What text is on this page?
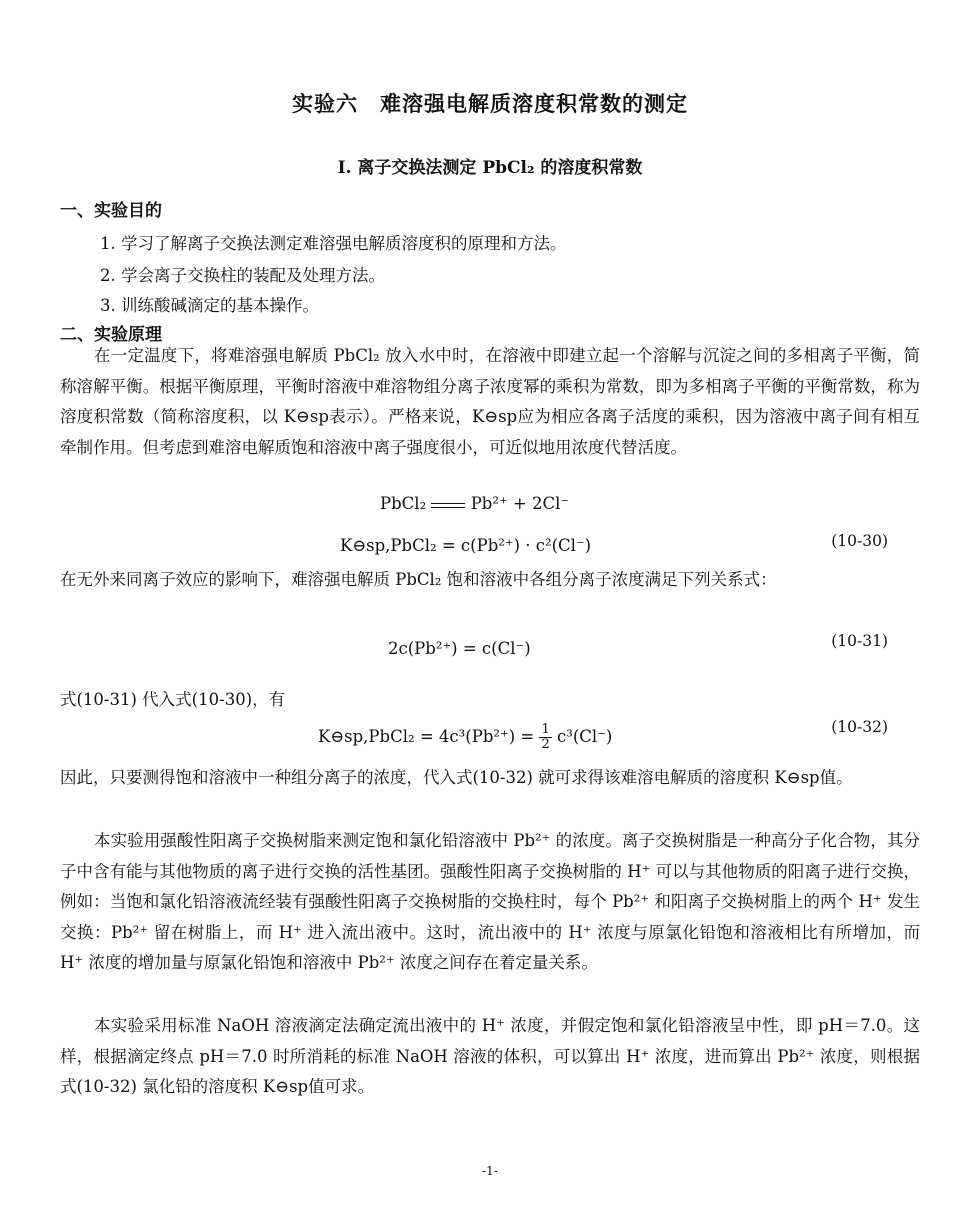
实验六　难溶强电解质溶度积常数的测定
Ⅰ. 离子交换法测定 PbCl₂ 的溶度积常数
一、实验目的
1. 学习了解离子交换法测定难溶强电解质溶度积的原理和方法。
2. 学会离子交换柱的装配及处理方法。
3. 训练酸碱滴定的基本操作。
二、实验原理

在一定温度下，将难溶强电解质 PbCl₂ 放入水中时，在溶液中即建立起一个溶解与沉淀之间的多相离子平衡，简称溶解平衡。根据平衡原理，平衡时溶液中难溶物组分离子浓度幂的乘积为常数，即为多相离子平衡的平衡常数，称为溶度积常数（简称溶度积，以 K⊖sp表示）。严格来说，K⊖sp应为相应各离子活度的乘积，因为溶液中离子间有相互牵制作用。但考虑到难溶电解质饱和溶液中离子强度很小，可近似地用浓度代替活度。

PbCl₂	Pb²⁺ + 2Cl⁻
K⊖sp,PbCl₂ = c(Pb²⁺) · c²(Cl⁻)	(10-30)

在无外来同离子效应的影响下，难溶强电解质 PbCl₂ 饱和溶液中各组分离子浓度满足下列关系式：

2c(Pb²⁺) = c(Cl⁻)	(10-31)
式(10-31) 代入式(10-30)，有
K⊖sp,PbCl₂ = $4c^3(Pb^{2+}) = \frac{1}{2} c^3(Cl^-)$	(10-32)

因此，只要测得饱和溶液中一种组分离子的浓度，代入式(10-32) 就可求得该难溶电解质的溶度积 K⊖sp值。

本实验用强酸性阳离子交换树脂来测定饱和氯化铅溶液中 Pb²⁺ 的浓度。离子交换树脂是一种高分子化合物，其分子中含有能与其他物质的离子进行交换的活性基团。强酸性阳离子交换树脂的 H⁺ 可以与其他物质的阳离子进行交换，例如：当饱和氯化铅溶液流经装有强酸性阳离子交换树脂的交换柱时，每个 Pb²⁺ 和阳离子交换树脂上的两个 H⁺ 发生交换：Pb²⁺ 留在树脂上，而 H⁺ 进入流出液中。这时，流出液中的 H⁺ 浓度与原氯化铅饱和溶液相比有所增加，而 H⁺ 浓度的增加量与原氯化铅饱和溶液中 Pb²⁺ 浓度之间存在着定量关系。

本实验采用标准 NaOH 溶液滴定法确定流出液中的 H⁺ 浓度，并假定饱和氯化铅溶液呈中性，即 pH＝7.0。这样，根据滴定终点 pH＝7.0 时所消耗的标准 NaOH 溶液的体积，可以算出 H⁺ 浓度，进而算出 Pb²⁺ 浓度，则根据式(10-32) 氯化铅的溶度积 K⊖sp值可求。

-1-
